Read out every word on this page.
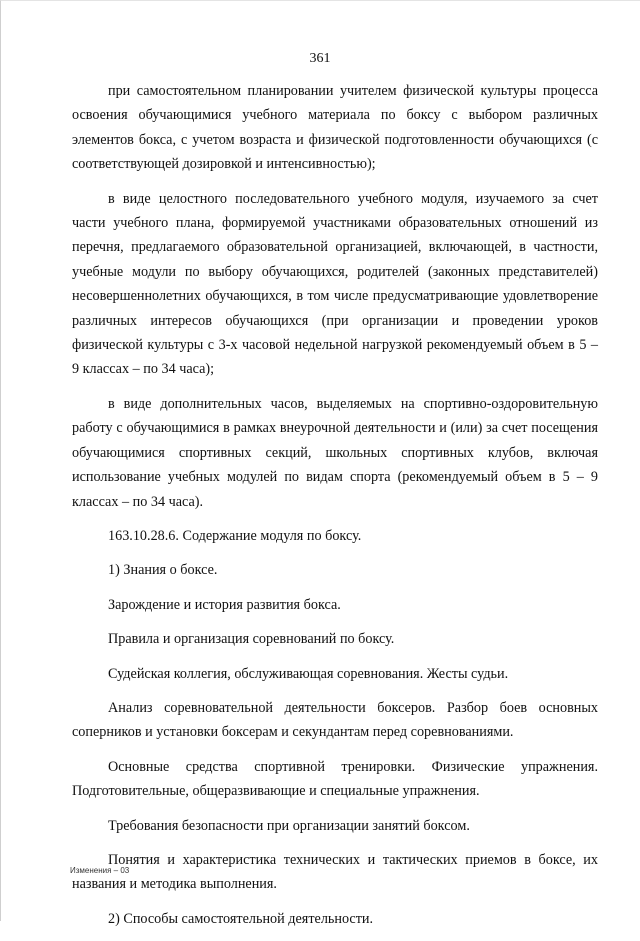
361

при самостоятельном планировании учителем физической культуры процесса освоения обучающимися учебного материала по боксу с выбором различных элементов бокса, с учетом возраста и физической подготовленности обучающихся (с соответствующей дозировкой и интенсивностью);

в виде целостного последовательного учебного модуля, изучаемого за счет части учебного плана, формируемой участниками образовательных отношений из перечня, предлагаемого образовательной организацией, включающей, в частности, учебные модули по выбору обучающихся, родителей (законных представителей) несовершеннолетних обучающихся, в том числе предусматривающие удовлетворение различных интересов обучающихся (при организации и проведении уроков физической культуры с 3-х часовой недельной нагрузкой рекомендуемый объем в 5 – 9 классах – по 34 часа);

в виде дополнительных часов, выделяемых на спортивно-оздоровительную работу с обучающимися в рамках внеурочной деятельности и (или) за счет посещения обучающимися спортивных секций, школьных спортивных клубов, включая использование учебных модулей по видам спорта (рекомендуемый объем в 5 – 9 классах – по 34 часа).

163.10.28.6. Содержание модуля по боксу.

1) Знания о боксе.

Зарождение и история развития бокса.

Правила и организация соревнований по боксу.

Судейская коллегия, обслуживающая соревнования. Жесты судьи.

Анализ соревновательной деятельности боксеров. Разбор боев основных соперников и установки боксерам и секундантам перед соревнованиями.

Основные средства спортивной тренировки. Физические упражнения. Подготовительные, общеразвивающие и специальные упражнения.

Требования безопасности при организации занятий боксом.

Понятия и характеристика технических и тактических приемов в боксе, их названия и методика выполнения.

2) Способы самостоятельной деятельности.

Изменения – 03
